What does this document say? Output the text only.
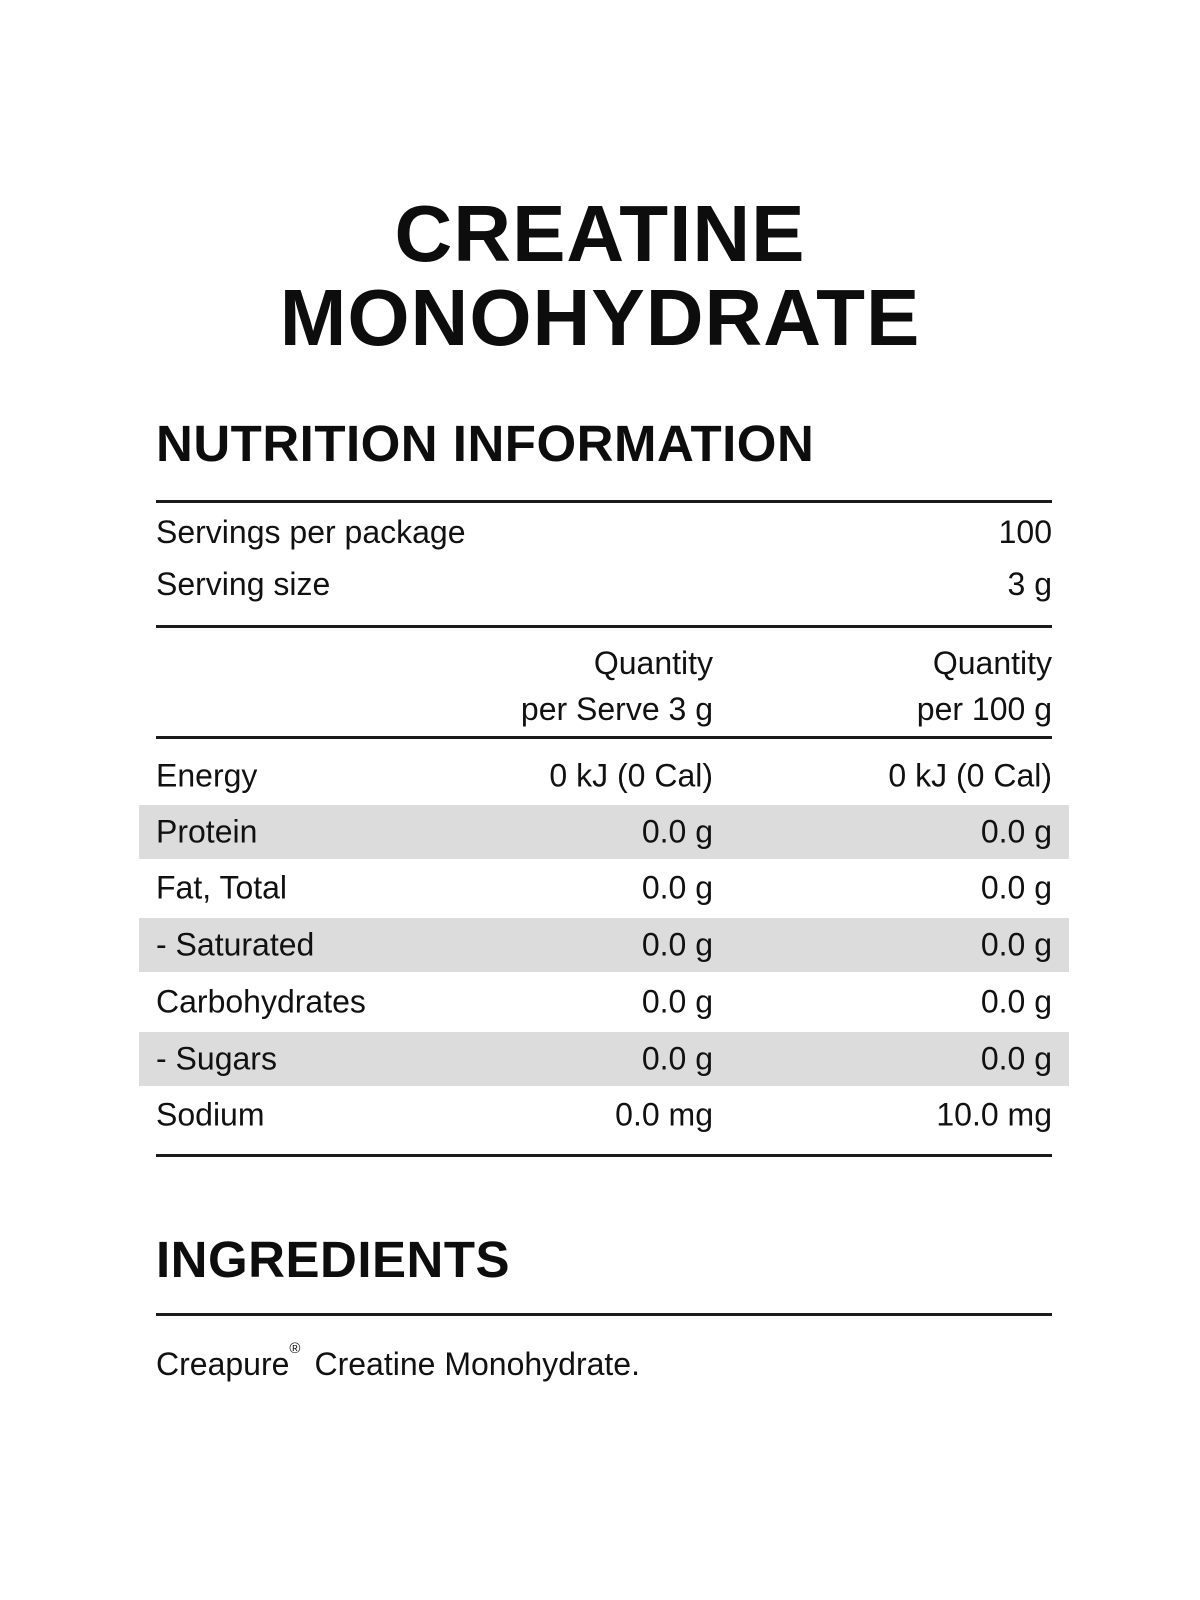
CREATINE
MONOHYDRATE
NUTRITION INFORMATION
Servings per package	100
Serving size	3 g
Quantity
per Serve 3 g
Quantity
per 100 g
Energy	0 kJ (0 Cal)	0 kJ (0 Cal)
Protein	0.0 g	0.0 g
Fat, Total	0.0 g	0.0 g
- Saturated	0.0 g	0.0 g
Carbohydrates	0.0 g	0.0 g
- Sugars	0.0 g	0.0 g
Sodium	0.0 mg	10.0 mg
INGREDIENTS
Creapure® Creatine Monohydrate.
